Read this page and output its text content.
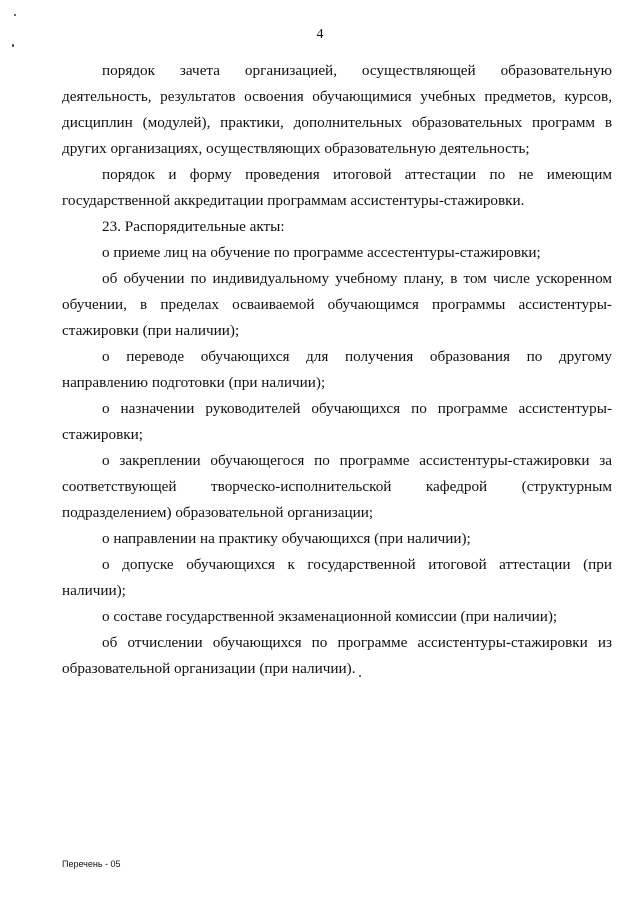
4

порядок зачета организацией, осуществляющей образовательную деятельность, результатов освоения обучающимися учебных предметов, курсов, дисциплин (модулей), практики, дополнительных образовательных программ в других организациях, осуществляющих образовательную деятельность;

порядок и форму проведения итоговой аттестации по не имеющим государственной аккредитации программам ассистентуры-стажировки.

23. Распорядительные акты:

о приеме лиц на обучение по программе ассестентуры-стажировки;

об обучении по индивидуальному учебному плану, в том числе ускоренном обучении, в пределах осваиваемой обучающимся программы ассистентуры-стажировки (при наличии);

о переводе обучающихся для получения образования по другому направлению подготовки (при наличии);

о назначении руководителей обучающихся по программе ассистентуры-стажировки;

о закреплении обучающегося по программе ассистентуры-стажировки за соответствующей творческо-исполнительской кафедрой (структурным подразделением) образовательной организации;

о направлении на практику обучающихся (при наличии);

о допуске обучающихся к государственной итоговой аттестации (при наличии);

о составе государственной экзаменационной комиссии (при наличии);

об отчислении обучающихся по программе ассистентуры-стажировки из образовательной организации (при наличии).

Перечень - 05
